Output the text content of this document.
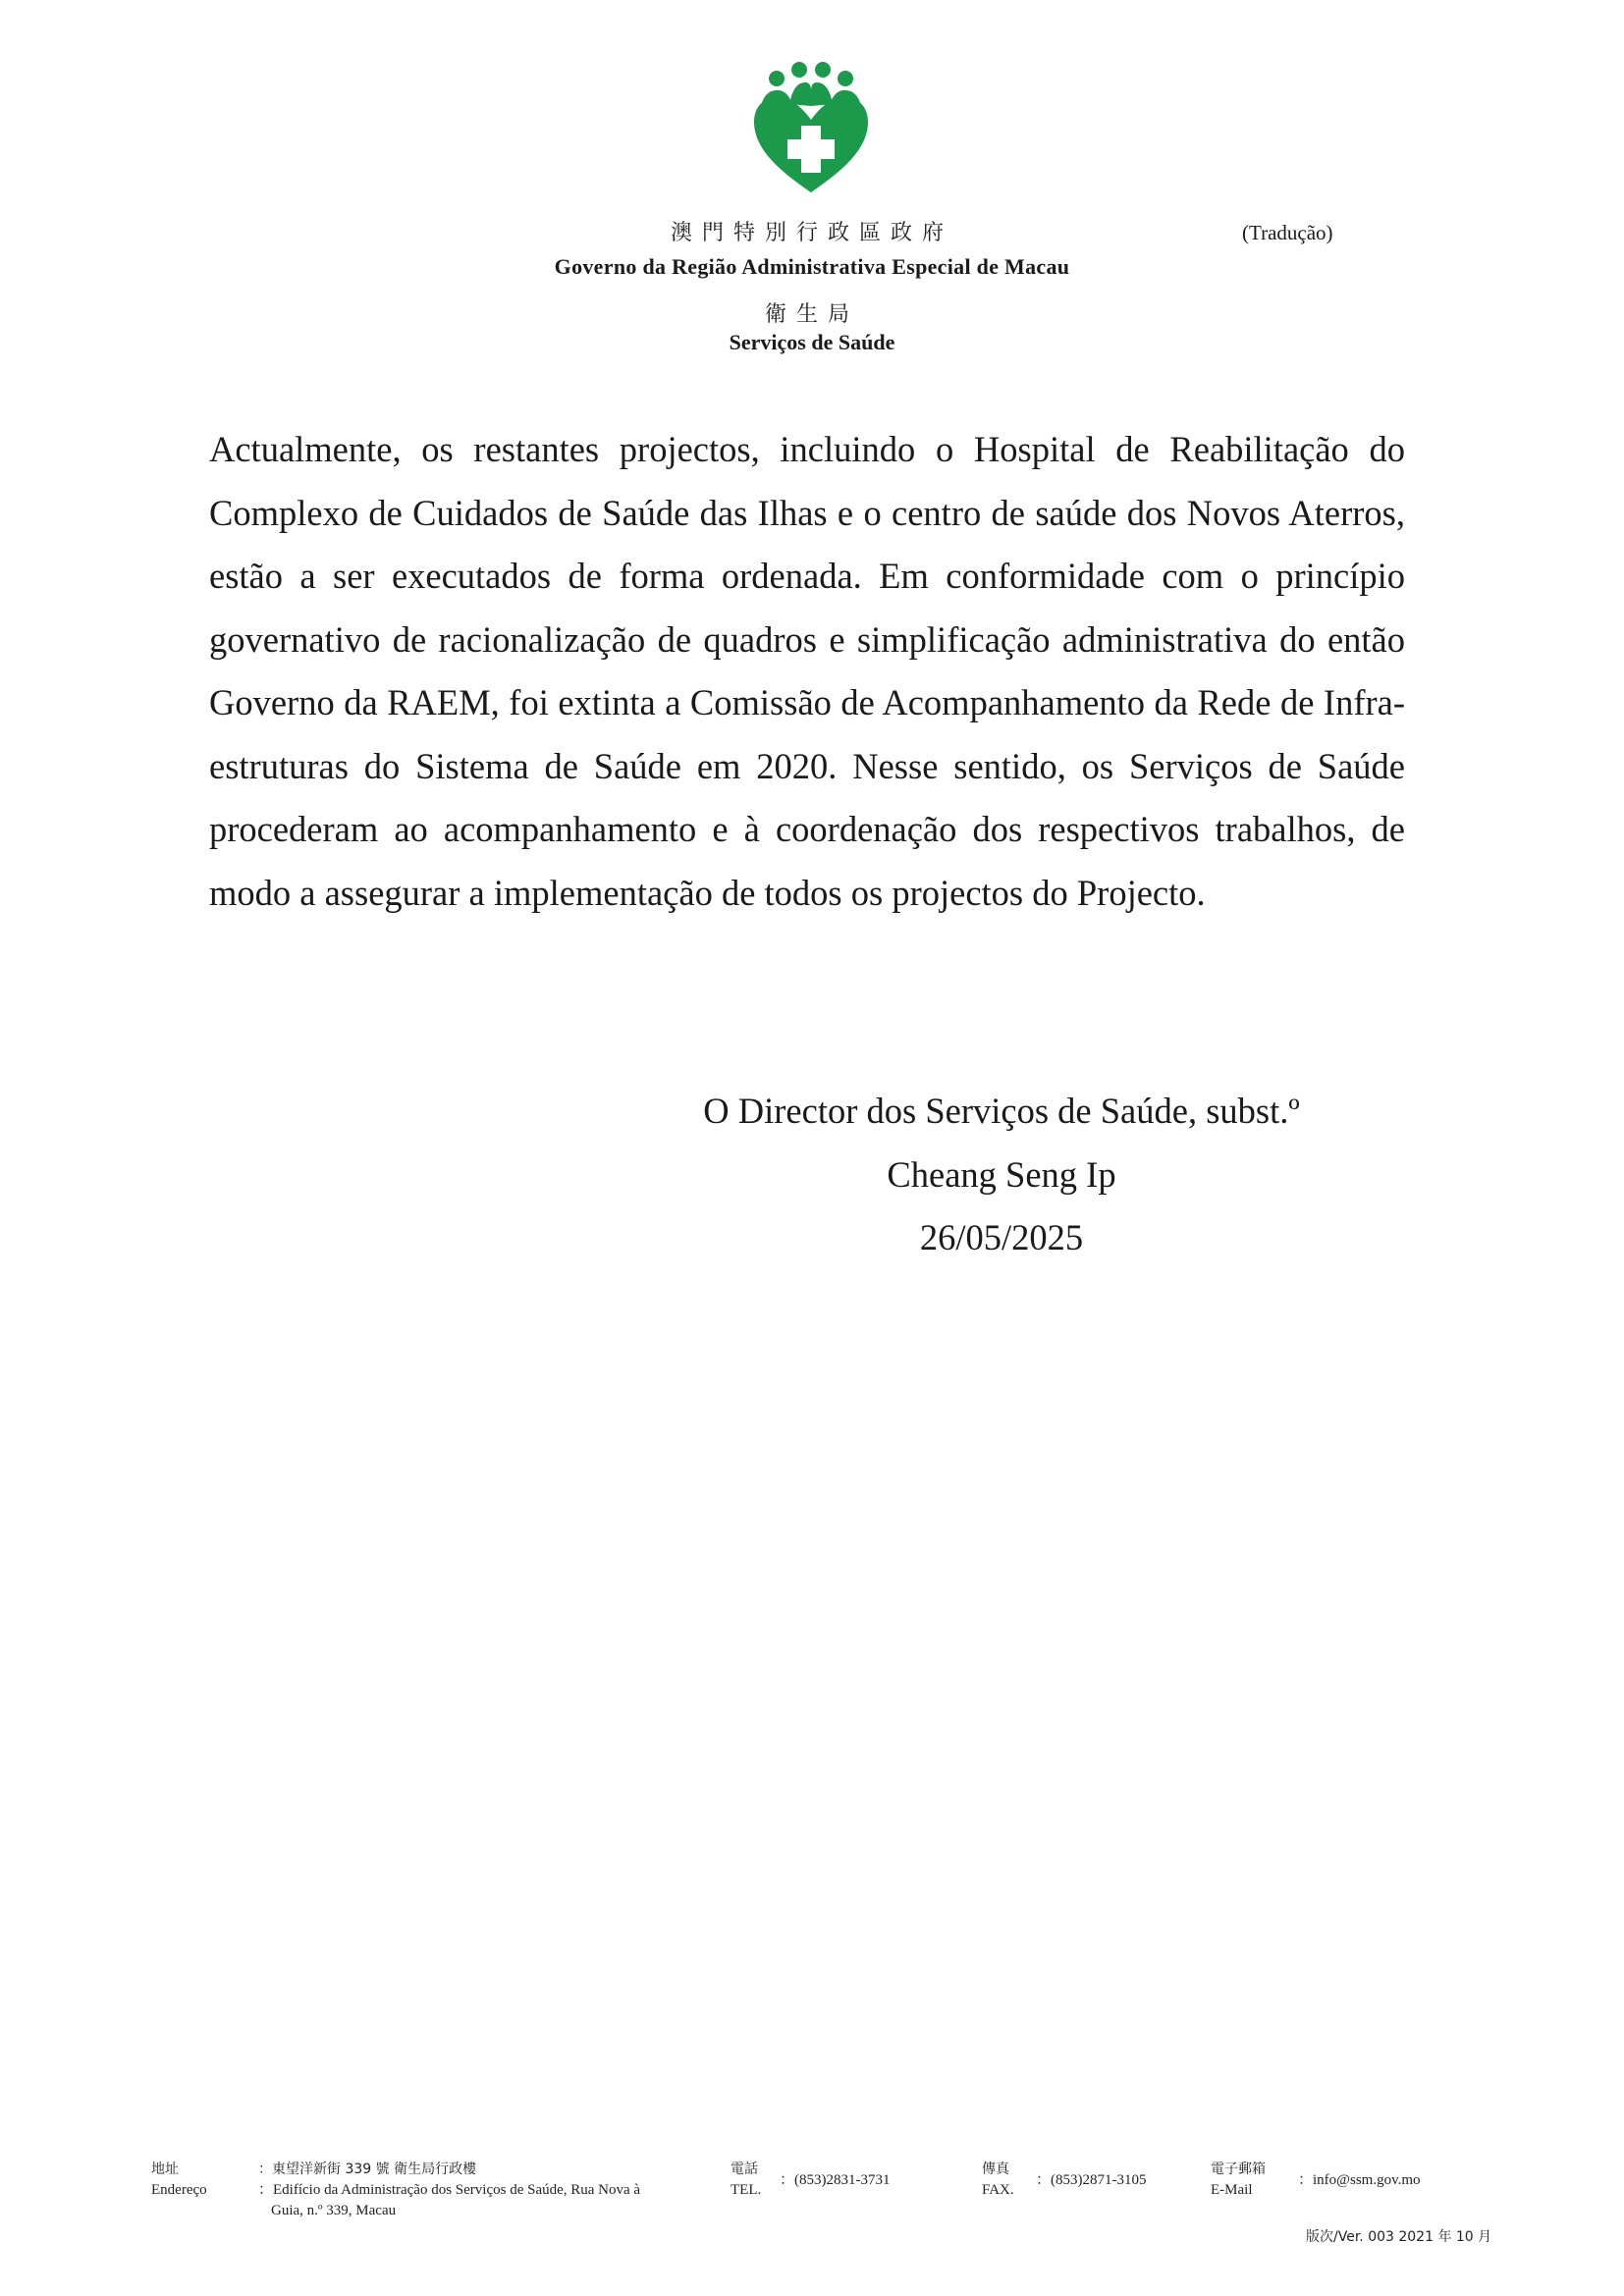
澳門特別行政區政府	(Tradução)
Governo da Região Administrativa Especial de Macau
衛生局
Serviços de Saúde

Actualmente, os restantes projectos, incluindo o Hospital de Reabilitação do Complexo de Cuidados de Saúde das Ilhas e o centro de saúde dos Novos Aterros, estão a ser executados de forma ordenada. Em conformidade com o princípio governativo de racionalização de quadros e simplificação administrativa do então Governo da RAEM, foi extinta a Comissão de Acompanhamento da Rede de Infra-estruturas do Sistema de Saúde em 2020. Nesse sentido, os Serviços de Saúde procederam ao acompanhamento e à coordenação dos respectivos trabalhos, de modo a assegurar a implementação de todos os projectos do Projecto.

O Director dos Serviços de Saúde, subst.º
Cheang Seng Ip
26/05/2025
地址
Endereço
：東望洋新街 339 號 衛生局行政樓
：Edifício da Administração dos Serviços de Saúde, Rua Nova à
Guia, n.º 339, Macau
電話
TEL.
：(853)2831-3731
傳真
FAX.
：(853)2871-3105
電子郵箱
E-Mail
：info@ssm.gov.mo
版次/Ver. 003 2021 年 10 月
